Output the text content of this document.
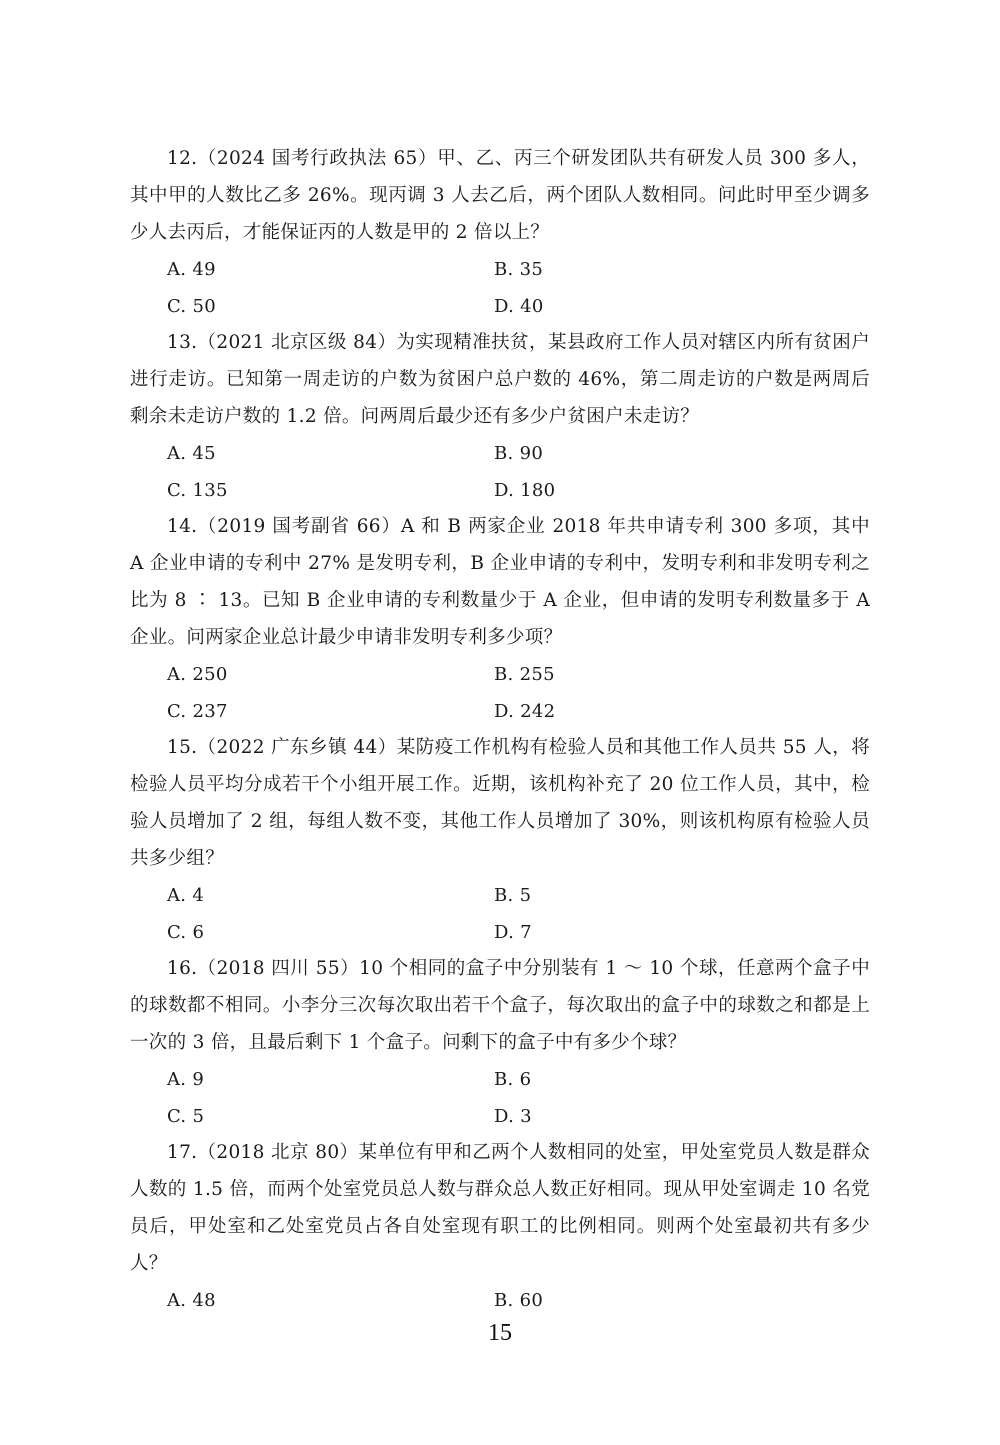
12.（2024 国考行政执法 65）甲、乙、丙三个研发团队共有研发人员 300 多人，其中甲的人数比乙多 26%。现丙调 3 人去乙后，两个团队人数相同。问此时甲至少调多少人去丙后，才能保证丙的人数是甲的 2 倍以上？

A. 49	B. 35
C. 50	D. 40

13.（2021 北京区级 84）为实现精准扶贫，某县政府工作人员对辖区内所有贫困户进行走访。已知第一周走访的户数为贫困户总户数的 46%，第二周走访的户数是两周后剩余未走访户数的 1.2 倍。问两周后最少还有多少户贫困户未走访？

A. 45	B. 90
C. 135	D. 180

14.（2019 国考副省 66）A 和 B 两家企业 2018 年共申请专利 300 多项，其中 A 企业申请的专利中 27% 是发明专利，B 企业申请的专利中，发明专利和非发明专利之比为 8 ∶ 13。已知 B 企业申请的专利数量少于 A 企业，但申请的发明专利数量多于 A 企业。问两家企业总计最少申请非发明专利多少项？

A. 250	B. 255
C. 237	D. 242

15.（2022 广东乡镇 44）某防疫工作机构有检验人员和其他工作人员共 55 人，将检验人员平均分成若干个小组开展工作。近期，该机构补充了 20 位工作人员，其中，检验人员增加了 2 组，每组人数不变，其他工作人员增加了 30%，则该机构原有检验人员共多少组？

A. 4	B. 5
C. 6	D. 7

16.（2018 四川 55）10 个相同的盒子中分别装有 1 ～ 10 个球，任意两个盒子中的球数都不相同。小李分三次每次取出若干个盒子，每次取出的盒子中的球数之和都是上一次的 3 倍，且最后剩下 1 个盒子。问剩下的盒子中有多少个球？

A. 9	B. 6
C. 5	D. 3

17.（2018 北京 80）某单位有甲和乙两个人数相同的处室，甲处室党员人数是群众人数的 1.5 倍，而两个处室党员总人数与群众总人数正好相同。现从甲处室调走 10 名党员后，甲处室和乙处室党员占各自处室现有职工的比例相同。则两个处室最初共有多少人？

A. 48	B. 60
15
